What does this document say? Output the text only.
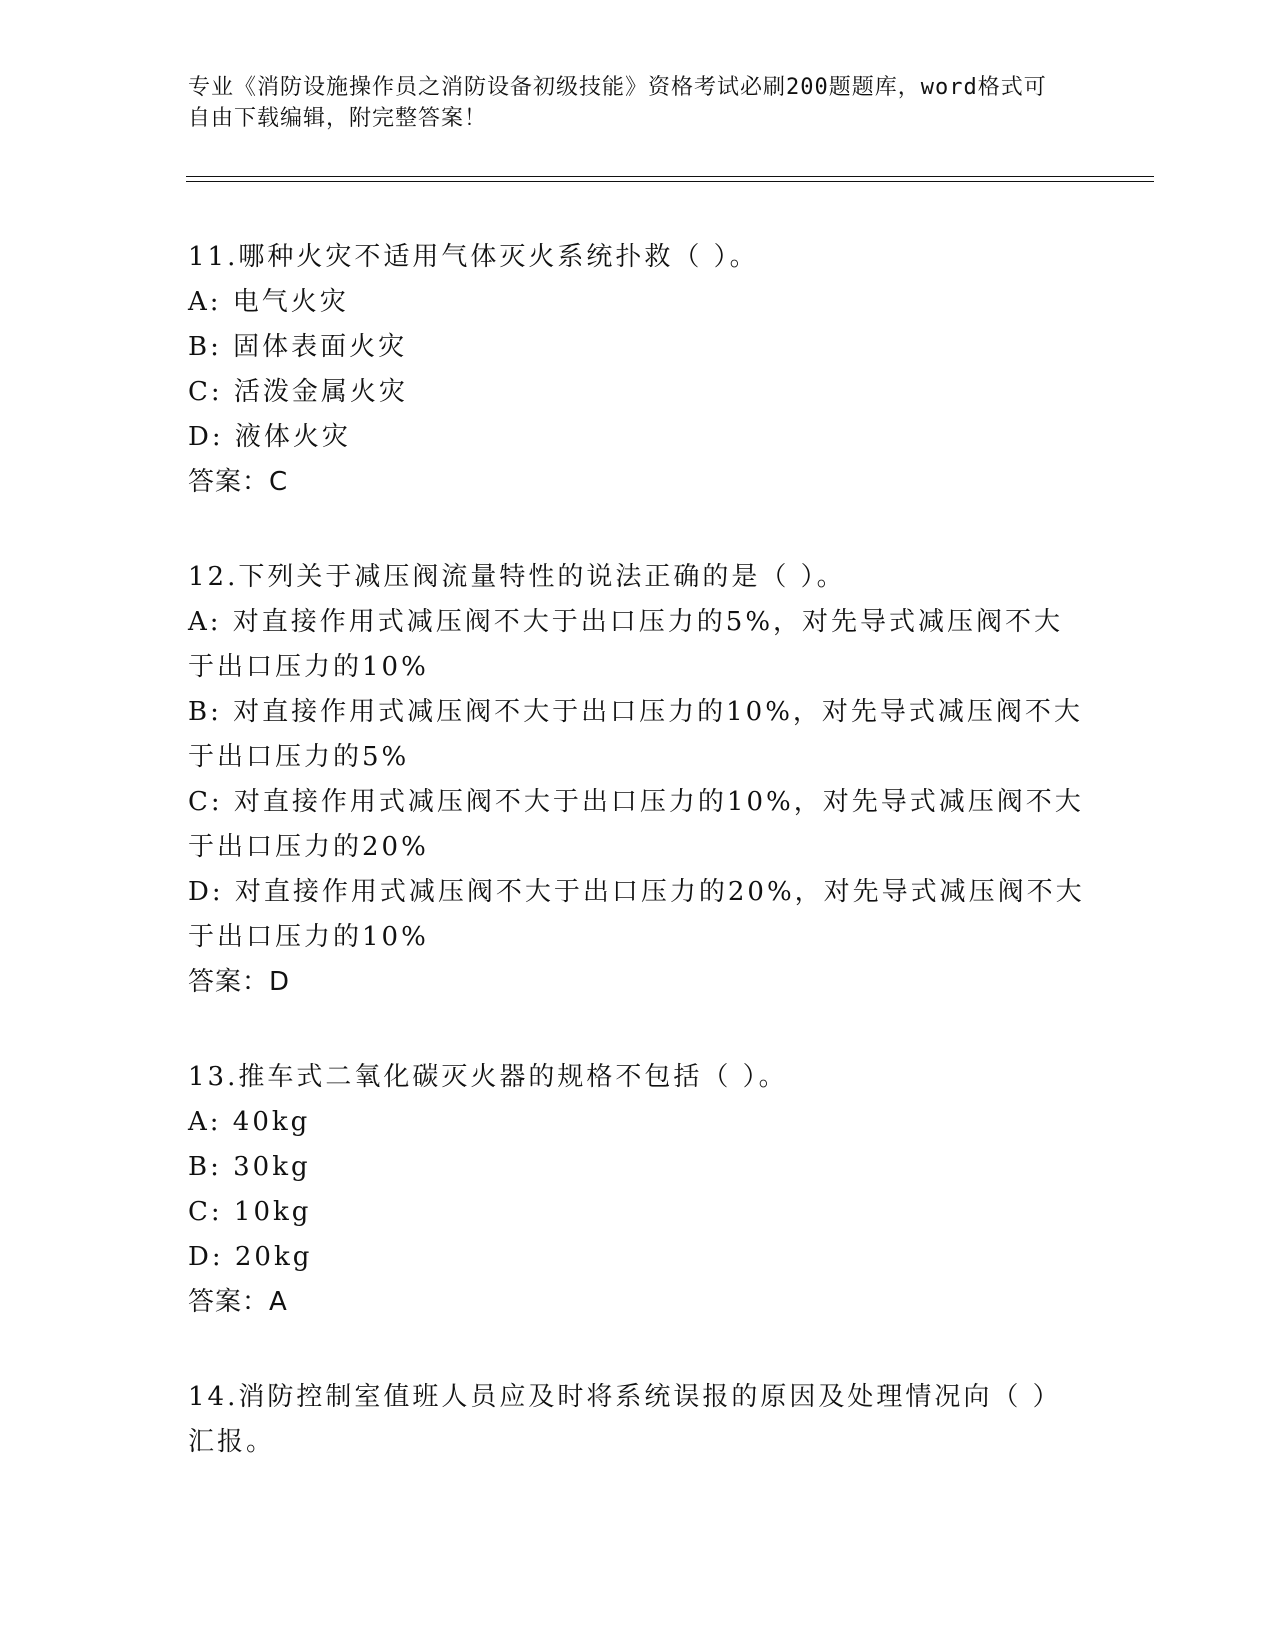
专业《消防设施操作员之消防设备初级技能》资格考试必刷200题题库，word格式可自由下载编辑，附完整答案！

11.哪种火灾不适用气体灭火系统扑救（ ）。

A: 电气火灾

B: 固体表面火灾

C: 活泼金属火灾

D: 液体火灾

答案：C

12.下列关于减压阀流量特性的说法正确的是（ ）。

A: 对直接作用式减压阀不大于出口压力的5%，对先导式减压阀不大于出口压力的10%

B: 对直接作用式减压阀不大于出口压力的10%，对先导式减压阀不大于出口压力的5%

C: 对直接作用式减压阀不大于出口压力的10%，对先导式减压阀不大于出口压力的20%

D: 对直接作用式减压阀不大于出口压力的20%，对先导式减压阀不大于出口压力的10%

答案：D

13.推车式二氧化碳灭火器的规格不包括（ ）。

A: 40kg

B: 30kg

C: 10kg

D: 20kg

答案：A

14.消防控制室值班人员应及时将系统误报的原因及处理情况向（ ）汇报。
